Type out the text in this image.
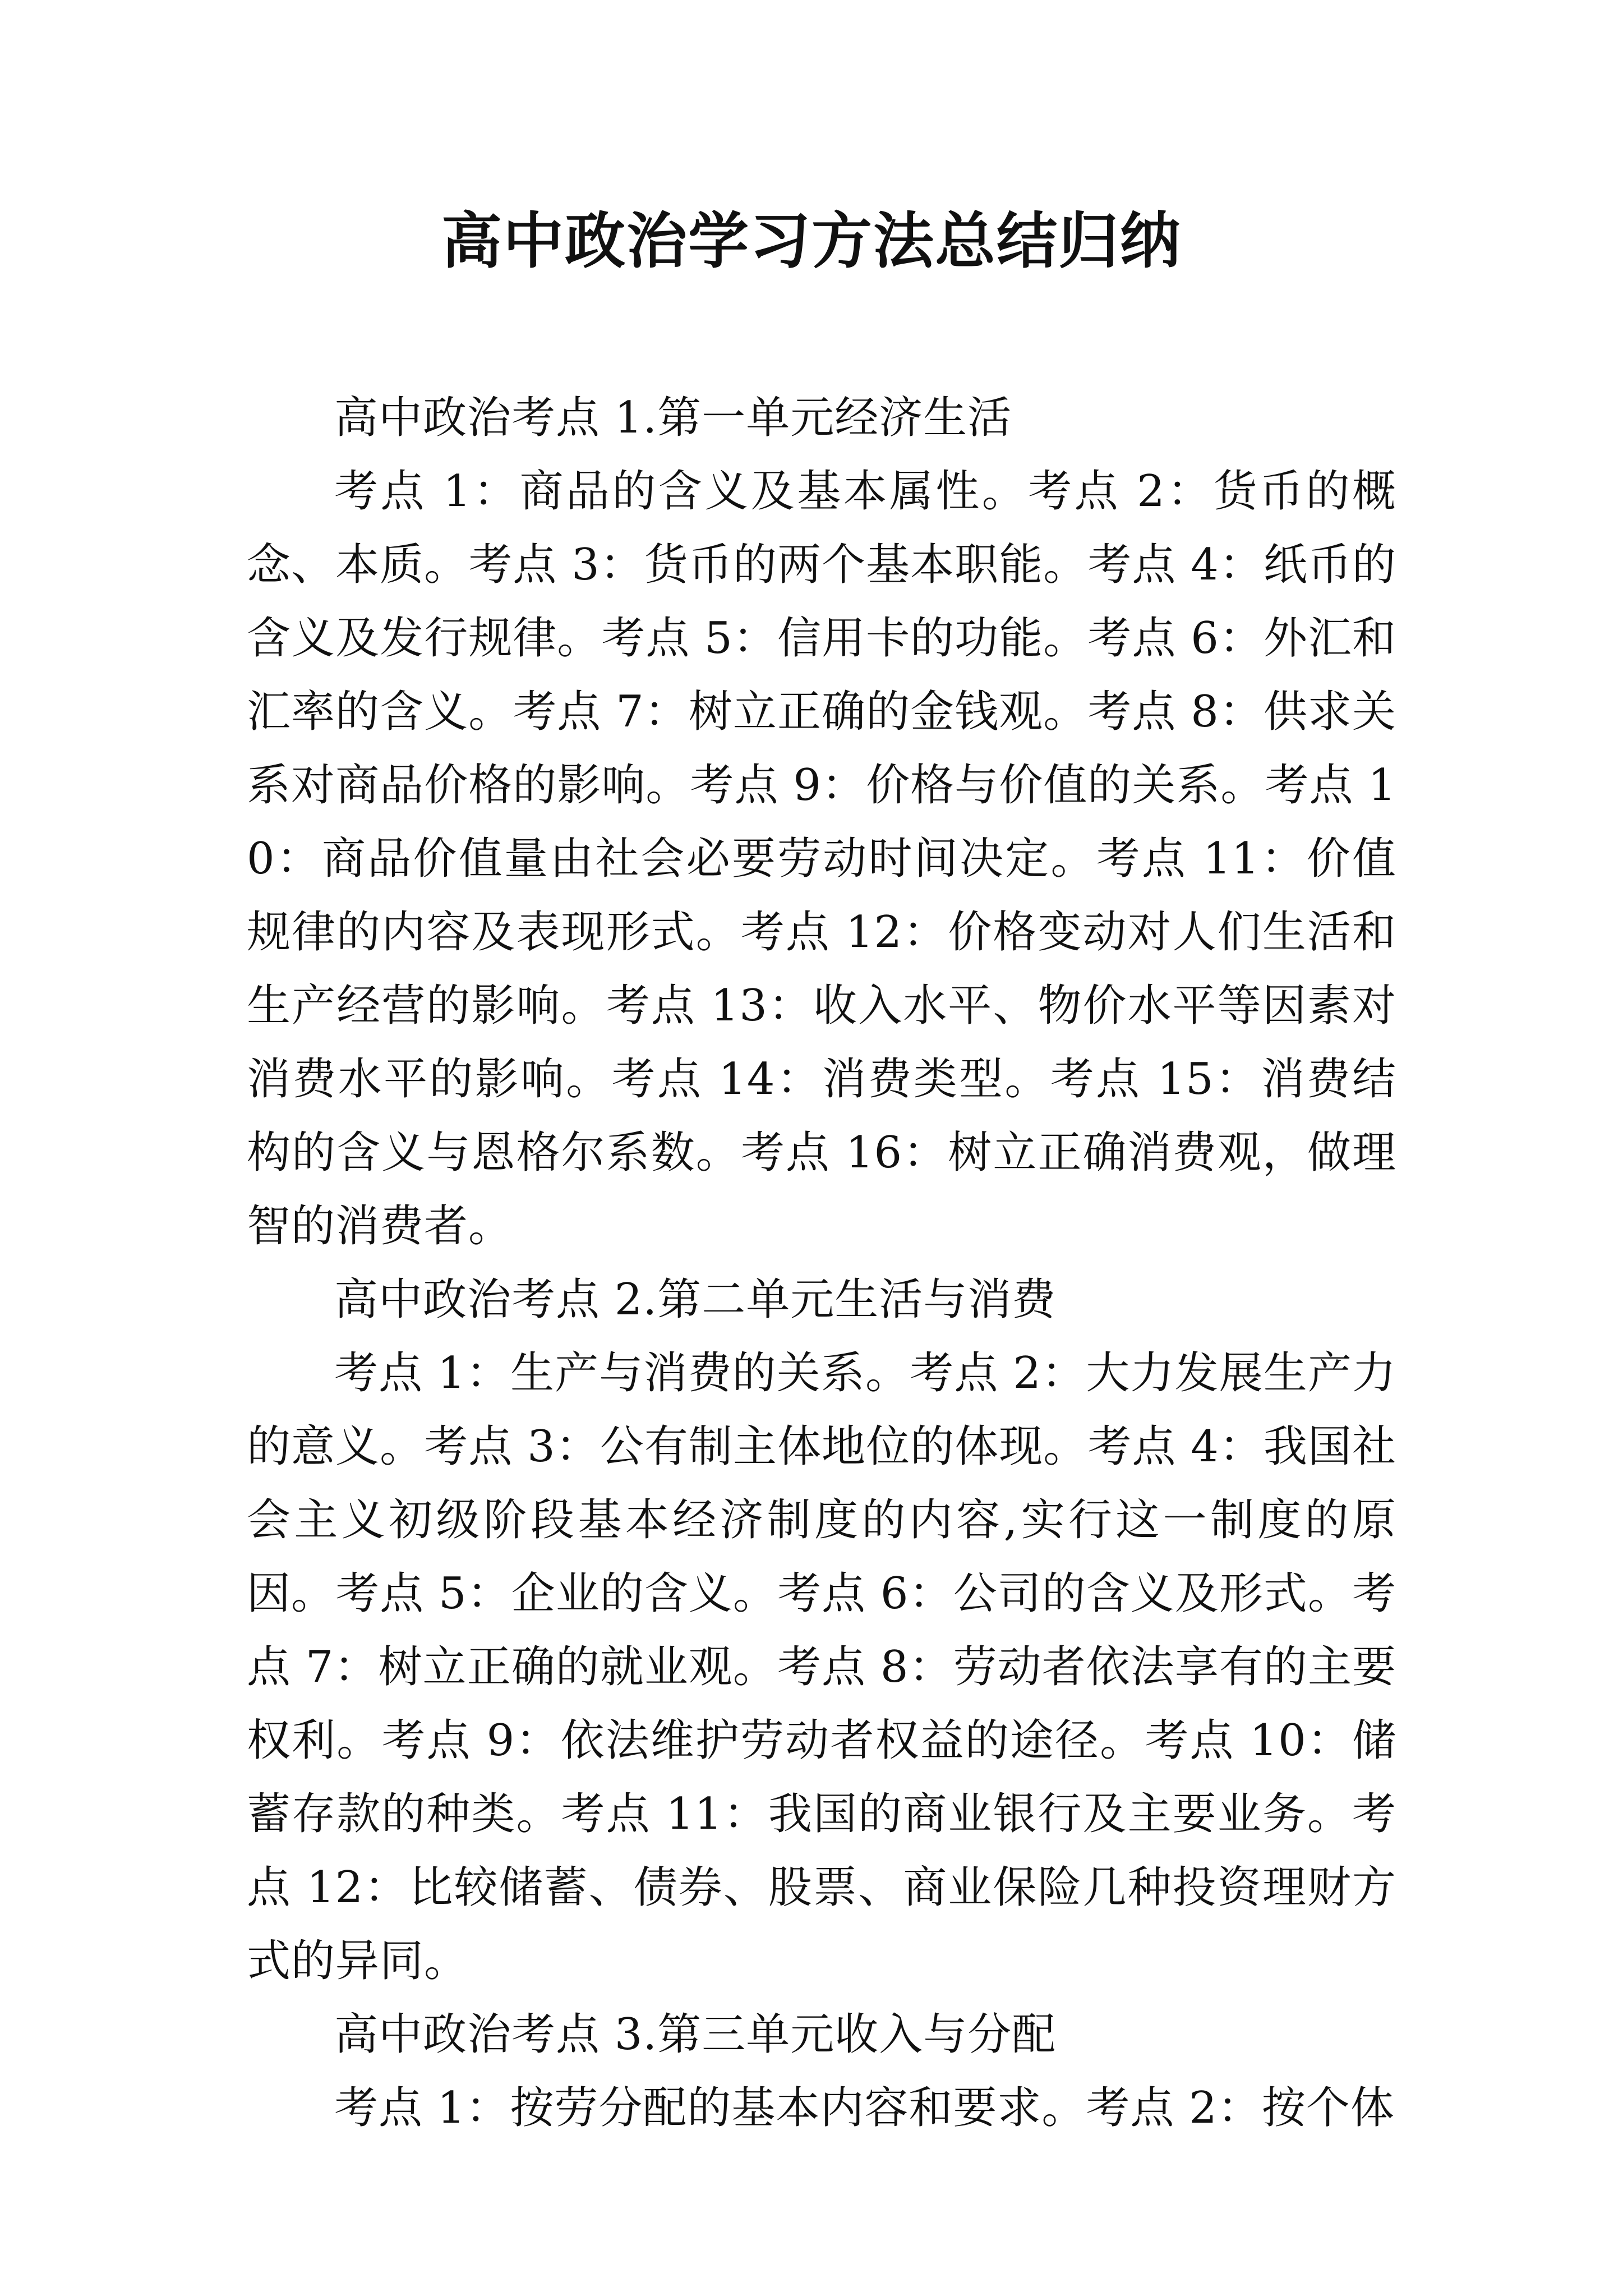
高中政治学习方法总结归纳

高中政治考点 1.第一单元经济生活

考点 1：商品的含义及基本属性。考点 2：货币的概念、本质。考点 3：货币的两个基本职能。考点 4：纸币的含义及发行规律。考点 5：信用卡的功能。考点 6：外汇和汇率的含义。考点 7：树立正确的金钱观。考点 8：供求关系对商品价格的影响。考点 9：价格与价值的关系。考点 10：商品价值量由社会必要劳动时间决定。考点 11：价值规律的内容及表现形式。考点 12：价格变动对人们生活和生产经营的影响。考点 13：收入水平、物价水平等因素对消费水平的影响。考点 14：消费类型。考点 15：消费结构的含义与恩格尔系数。考点 16：树立正确消费观，做理智的消费者。

高中政治考点 2.第二单元生活与消费

考点 1：生产与消费的关系。考点 2：大力发展生产力的意义。考点 3：公有制主体地位的体现。考点 4：我国社会主义初级阶段基本经济制度的内容,实行这一制度的原因。考点 5：企业的含义。考点 6：公司的含义及形式。考点 7：树立正确的就业观。考点 8：劳动者依法享有的主要权利。考点 9：依法维护劳动者权益的途径。考点 10：储蓄存款的种类。考点 11：我国的商业银行及主要业务。考点 12：比较储蓄、债券、股票、商业保险几种投资理财方式的异同。

高中政治考点 3.第三单元收入与分配

考点 1：按劳分配的基本内容和要求。考点 2：按个体
